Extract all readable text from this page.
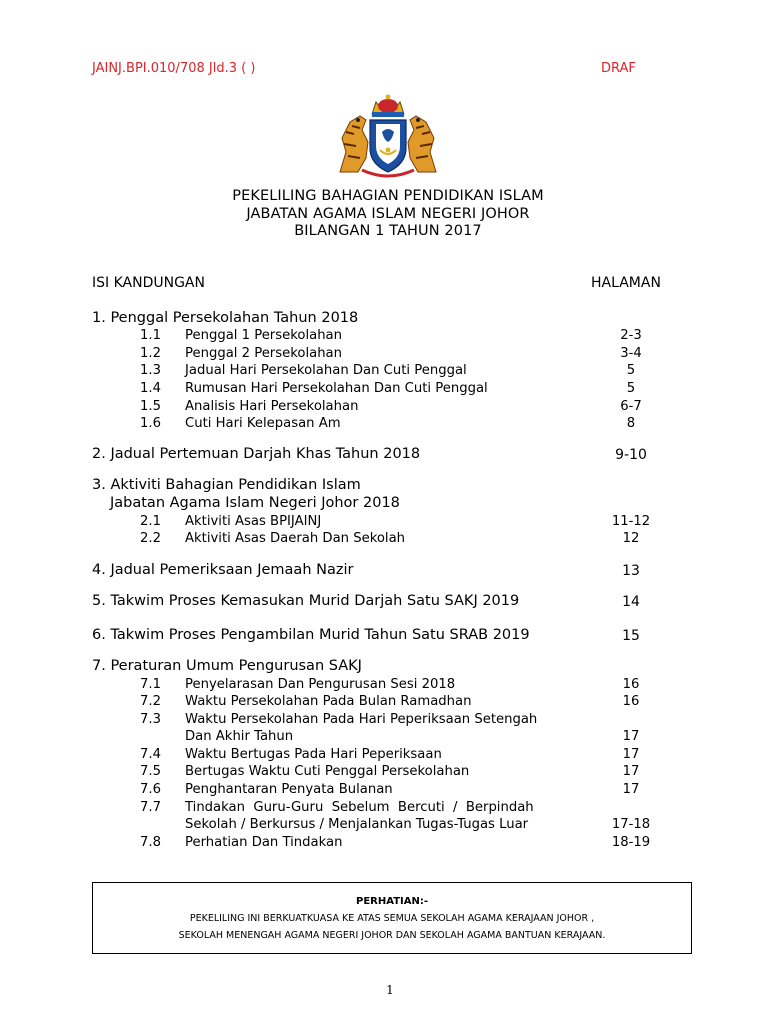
JAINJ.BPI.010/708 Jld.3 ( )	DRAF
PEKELILING BAHAGIAN PENDIDIKAN ISLAM
JABATAN AGAMA ISLAM NEGERI JOHOR
BILANGAN 1 TAHUN 2017
ISI KANDUNGAN	HALAMAN
1. Penggal Persekolahan Tahun 2018
1.1 Penggal 1 Persekolahan	2-3
1.2 Penggal 2 Persekolahan	3-4
1.3 Jadual Hari Persekolahan Dan Cuti Penggal	5
1.4 Rumusan Hari Persekolahan Dan Cuti Penggal	5
1.5 Analisis Hari Persekolahan	6-7
1.6 Cuti Hari Kelepasan Am	8
2. Jadual Pertemuan Darjah Khas Tahun 2018	9-10
3. Aktiviti Bahagian Pendidikan Islam
Jabatan Agama Islam Negeri Johor 2018
2.1 Aktiviti Asas BPIJAINJ	11-12
2.2 Aktiviti Asas Daerah Dan Sekolah	12
4. Jadual Pemeriksaan Jemaah Nazir	13
5. Takwim Proses Kemasukan Murid Darjah Satu SAKJ 2019	14
6. Takwim Proses Pengambilan Murid Tahun Satu SRAB 2019	15
7. Peraturan Umum Pengurusan SAKJ
7.1 Penyelarasan Dan Pengurusan Sesi 2018	16
7.2 Waktu Persekolahan Pada Bulan Ramadhan	16
7.3 Waktu Persekolahan Pada Hari Peperiksaan Setengah
Dan Akhir Tahun	17
7.4 Waktu Bertugas Pada Hari Peperiksaan	17
7.5 Bertugas Waktu Cuti Penggal Persekolahan	17
7.6 Penghantaran Penyata Bulanan	17
7.7 Tindakan  Guru-Guru  Sebelum  Bercuti  /  Berpindah
Sekolah / Berkursus / Menjalankan Tugas-Tugas Luar	17-18
7.8 Perhatian Dan Tindakan	18-19
PERHATIAN:-
PEKELILING INI BERKUATKUASA KE ATAS SEMUA SEKOLAH AGAMA KERAJAAN JOHOR ,
SEKOLAH MENENGAH AGAMA NEGERI JOHOR DAN SEKOLAH AGAMA BANTUAN KERAJAAN.
1
